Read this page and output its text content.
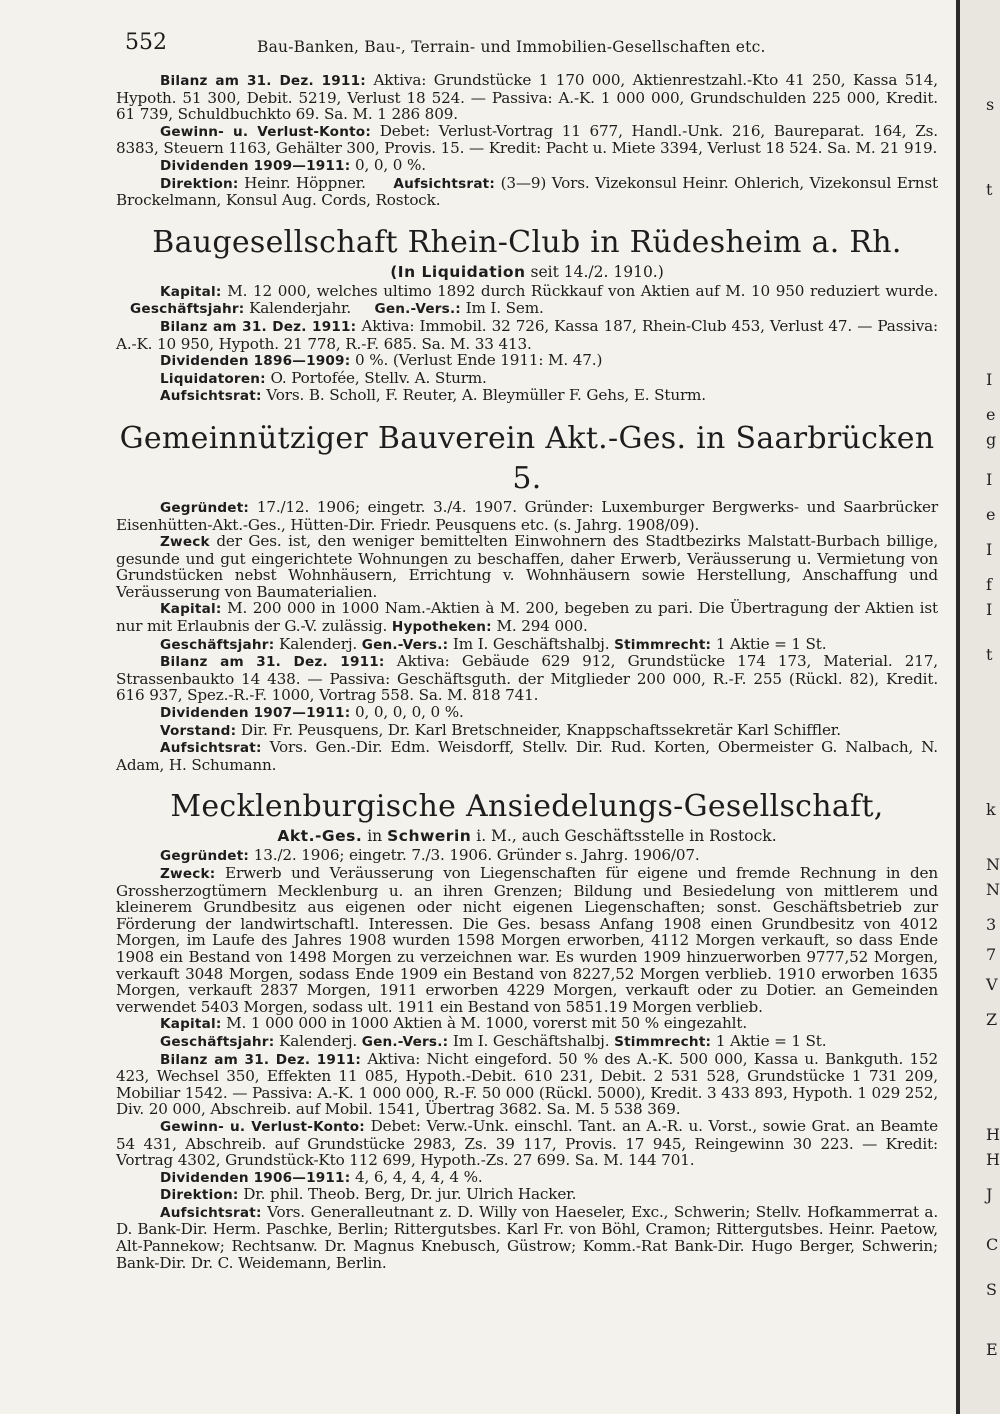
552	Bau-Banken, Bau-, Terrain- und Immobilien-Gesellschaften etc.

Bilanz am 31. Dez. 1911: Aktiva: Grundstücke 1 170 000, Aktienrestzahl.-Kto 41 250, Kassa 514, Hypoth. 51 300, Debit. 5219, Verlust 18 524. — Passiva: A.-K. 1 000 000, Grundschulden 225 000, Kredit. 61 739, Schuldbuchkto 69. Sa. M. 1 286 809.

Gewinn- u. Verlust-Konto: Debet: Verlust-Vortrag 11 677, Handl.-Unk. 216, Baureparat. 164, Zs. 8383, Steuern 1163, Gehälter 300, Provis. 15. — Kredit: Pacht u. Miete 3394, Verlust 18 524. Sa. M. 21 919.

Dividenden 1909—1911: 0, 0, 0 %.

Direktion: Heinr. Höppner. Aufsichtsrat: (3—9) Vors. Vizekonsul Heinr. Ohlerich, Vizekonsul Ernst Brockelmann, Konsul Aug. Cords, Rostock.

Baugesellschaft Rhein-Club in Rüdesheim a. Rh.
(In Liquidation seit 14./2. 1910.)

Kapital: M. 12 000, welches ultimo 1892 durch Rückkauf von Aktien auf M. 10 950 reduziert wurde.    Geschäftsjahr: Kalenderjahr. Gen.-Vers.: Im I. Sem.

Bilanz am 31. Dez. 1911: Aktiva: Immobil. 32 726, Kassa 187, Rhein-Club 453, Verlust 47. — Passiva: A.-K. 10 950, Hypoth. 21 778, R.-F. 685. Sa. M. 33 413.

Dividenden 1896—1909: 0 %. (Verlust Ende 1911: M. 47.)

Liquidatoren: O. Portofée, Stellv. A. Sturm.

Aufsichtsrat: Vors. B. Scholl, F. Reuter, A. Bleymüller F. Gehs, E. Sturm.

Gemeinnütziger Bauverein Akt.-Ges. in Saarbrücken 5.

Gegründet: 17./12. 1906; eingetr. 3./4. 1907. Gründer: Luxemburger Bergwerks- und Saarbrücker Eisenhütten-Akt.-Ges., Hütten-Dir. Friedr. Peusquens etc. (s. Jahrg. 1908/09).

Zweck der Ges. ist, den weniger bemittelten Einwohnern des Stadtbezirks Malstatt-Burbach billige, gesunde und gut eingerichtete Wohnungen zu beschaffen, daher Erwerb, Veräusserung u. Vermietung von Grundstücken nebst Wohnhäusern, Errichtung v. Wohnhäusern sowie Herstellung, Anschaffung und Veräusserung von Baumaterialien.

Kapital: M. 200 000 in 1000 Nam.-Aktien à M. 200, begeben zu pari. Die Übertragung der Aktien ist nur mit Erlaubnis der G.-V. zulässig. Hypotheken: M. 294 000.

Geschäftsjahr: Kalenderj. Gen.-Vers.: Im I. Geschäftshalbj. Stimmrecht: 1 Aktie = 1 St.

Bilanz am 31. Dez. 1911: Aktiva: Gebäude 629 912, Grundstücke 174 173, Material. 217, Strassenbaukto 14 438. — Passiva: Geschäftsguth. der Mitglieder 200 000, R.-F. 255 (Rückl. 82), Kredit. 616 937, Spez.-R.-F. 1000, Vortrag 558. Sa. M. 818 741.

Dividenden 1907—1911: 0, 0, 0, 0, 0 %.

Vorstand: Dir. Fr. Peusquens, Dr. Karl Bretschneider, Knappschaftssekretär Karl Schiffler.

Aufsichtsrat: Vors. Gen.-Dir. Edm. Weisdorff, Stellv. Dir. Rud. Korten, Obermeister G. Nalbach, N. Adam, H. Schumann.

Mecklenburgische Ansiedelungs-Gesellschaft,
Akt.-Ges. in Schwerin i. M., auch Geschäftsstelle in Rostock.

Gegründet: 13./2. 1906; eingetr. 7./3. 1906. Gründer s. Jahrg. 1906/07.

Zweck: Erwerb und Veräusserung von Liegenschaften für eigene und fremde Rechnung in den Grossherzogtümern Mecklenburg u. an ihren Grenzen; Bildung und Besiedelung von mittlerem und kleinerem Grundbesitz aus eigenen oder nicht eigenen Liegenschaften; sonst. Geschäftsbetrieb zur Förderung der landwirtschaftl. Interessen. Die Ges. besass Anfang 1908 einen Grundbesitz von 4012 Morgen, im Laufe des Jahres 1908 wurden 1598 Morgen erworben, 4112 Morgen verkauft, so dass Ende 1908 ein Bestand von 1498 Morgen zu verzeichnen war. Es wurden 1909 hinzuerworben 9777,52 Morgen, verkauft 3048 Morgen, sodass Ende 1909 ein Bestand von 8227,52 Morgen verblieb. 1910 erworben 1635 Morgen, verkauft 2837 Morgen, 1911 erworben 4229 Morgen, verkauft oder zu Dotier. an Gemeinden verwendet 5403 Morgen, sodass ult. 1911 ein Bestand von 5851.19 Morgen verblieb.

Kapital: M. 1 000 000 in 1000 Aktien à M. 1000, vorerst mit 50 % eingezahlt.

Geschäftsjahr: Kalenderj. Gen.-Vers.: Im I. Geschäftshalbj. Stimmrecht: 1 Aktie = 1 St.

Bilanz am 31. Dez. 1911: Aktiva: Nicht eingeford. 50 % des A.-K. 500 000, Kassa u. Bankguth. 152 423, Wechsel 350, Effekten 11 085, Hypoth.-Debit. 610 231, Debit. 2 531 528, Grundstücke 1 731 209, Mobiliar 1542. — Passiva: A.-K. 1 000 000, R.-F. 50 000 (Rückl. 5000), Kredit. 3 433 893, Hypoth. 1 029 252, Div. 20 000, Abschreib. auf Mobil. 1541, Übertrag 3682. Sa. M. 5 538 369.

Gewinn- u. Verlust-Konto: Debet: Verw.-Unk. einschl. Tant. an A.-R. u. Vorst., sowie Grat. an Beamte 54 431, Abschreib. auf Grundstücke 2983, Zs. 39 117, Provis. 17 945, Reingewinn 30 223. — Kredit: Vortrag 4302, Grundstück-Kto 112 699, Hypoth.-Zs. 27 699. Sa. M. 144 701.

Dividenden 1906—1911: 4, 6, 4, 4, 4, 4 %.

Direktion: Dr. phil. Theob. Berg, Dr. jur. Ulrich Hacker.

Aufsichtsrat: Vors. Generalleutnant z. D. Willy von Haeseler, Exc., Schwerin; Stellv. Hofkammerrat a. D. Bank-Dir. Herm. Paschke, Berlin; Rittergutsbes. Karl Fr. von Böhl, Cramon; Rittergutsbes. Heinr. Paetow, Alt-Pannekow; Rechtsanw. Dr. Magnus Knebusch, Güstrow; Komm.-Rat Bank-Dir. Hugo Berger, Schwerin; Bank-Dir. Dr. C. Weidemann, Berlin.

s
t
I
e
g
I
e
I
f
I
t
k
N
N
3
7
V
Z
H
H
J
C
S
E
